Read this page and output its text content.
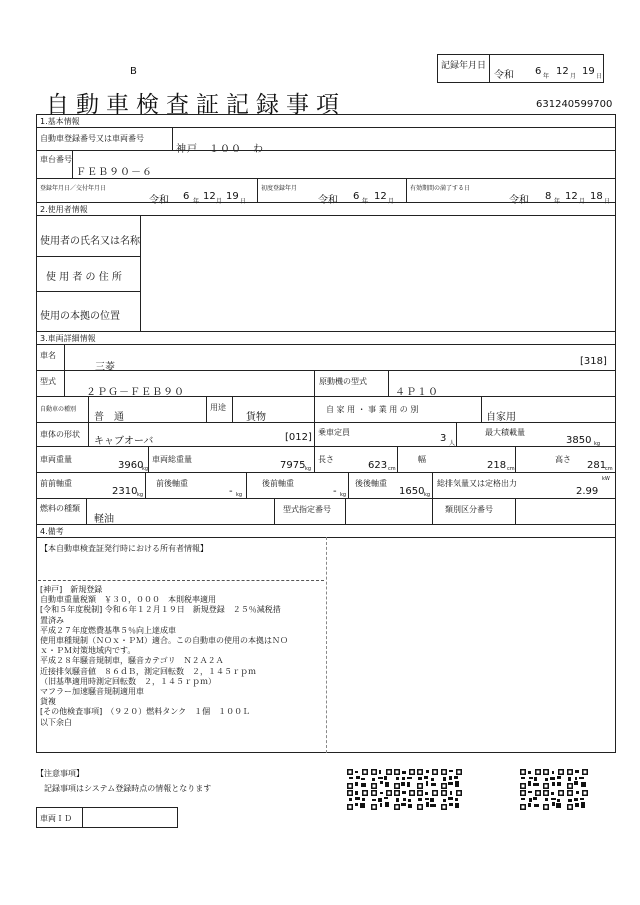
B
自動車検査証記録事項
記録年月日
令和 6 年 12 月 19 日
631240599700
1.基本情報
自動車登録番号又は車両番号
神戸　１００　わ
車台番号
ＦＥＢ９０－６
登録年月日／交付年月日
令和 6 年 12 月 19 日
初度登録年月
令和 6 年 12 月
有効期間の満了する日
令和 8 年 12 月 18 日
2.使用者情報
使用者の氏名又は名称
使 用 者 の 住 所
使用の本拠の位置
3.車両詳細情報
車名
三菱
[318]
型式
２ＰＧ－ＦＥＢ９０
原動機の型式
４Ｐ１０
自動車の種別
普　通
用途
貨物
自 家 用 ・ 事 業 用 の 別
自家用
車体の形状
キャブオーバ	[012] 乗車定員
3 人
最大積載量
3850 kg
車両重量
3960
kg
車両総重量
7975 kg
長さ
623 cm
幅
218 cm
高さ
281
cm
前前軸重
2310 kg
前後軸重
- kg
後前軸重
- kg
後後軸重
1650 kg
総排気量又は定格出力
2.99
kW
燃料の種類
軽油
型式指定番号	類別区分番号
4.備考
【本自動車検査証発行時における所有者情報】
[神戸]　新規登録
自動車重量税額　￥３０，０００　本則税率適用
[令和５年度税制] 令和６年１２月１９日　新規登録　２５％減税措
置済み
平成２７年度燃費基準５％向上達成車
使用車種規制（ＮＯｘ・ＰＭ）適合。この自動車の使用の本拠はＮＯ
ｘ・ＰＭ対策地域内です。
平成２８年騒音規制車，騒音カテゴリ　Ｎ２Ａ２Ａ
近接排気騒音値　８６ｄＢ，測定回転数　２，１４５ｒｐｍ
（旧基準適用時測定回転数　２，１４５ｒｐｍ）
マフラー加速騒音規制適用車
貨複
[その他検査事項]　（９２０）燃料タンク　１個　１００Ｌ
以下余白
【注意事項】
記録事項はシステム登録時点の情報となります
車両ＩＤ
